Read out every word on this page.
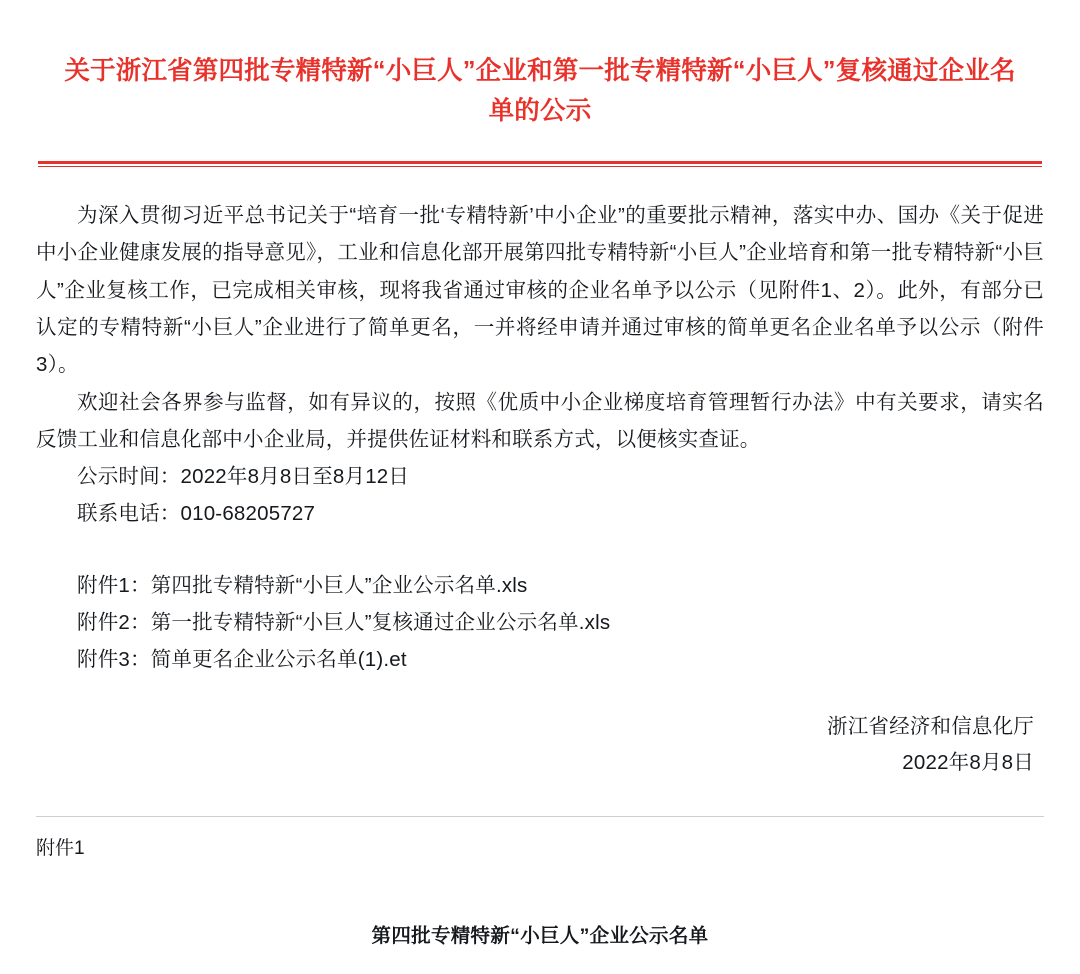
关于浙江省第四批专精特新“小巨人”企业和第一批专精特新“小巨人”复核通过企业名单的公示

为深入贯彻习近平总书记关于“培育一批‘专精特新’中小企业”的重要批示精神，落实中办、国办《关于促进中小企业健康发展的指导意见》，工业和信息化部开展第四批专精特新“小巨人”企业培育和第一批专精特新“小巨人”企业复核工作，已完成相关审核，现将我省通过审核的企业名单予以公示（见附件1、2）。此外，有部分已认定的专精特新“小巨人”企业进行了简单更名，一并将经申请并通过审核的简单更名企业名单予以公示（附件3）。

欢迎社会各界参与监督，如有异议的，按照《优质中小企业梯度培育管理暂行办法》中有关要求，请实名反馈工业和信息化部中小企业局，并提供佐证材料和联系方式，以便核实查证。

公示时间：2022年8月8日至8月12日

联系电话：010-68205727

附件1：第四批专精特新“小巨人”企业公示名单.xls

附件2：第一批专精特新“小巨人”复核通过企业公示名单.xls

附件3：简单更名企业公示名单(1).et

浙江省经济和信息化厅
2022年8月8日

附件1

第四批专精特新“小巨人”企业公示名单
